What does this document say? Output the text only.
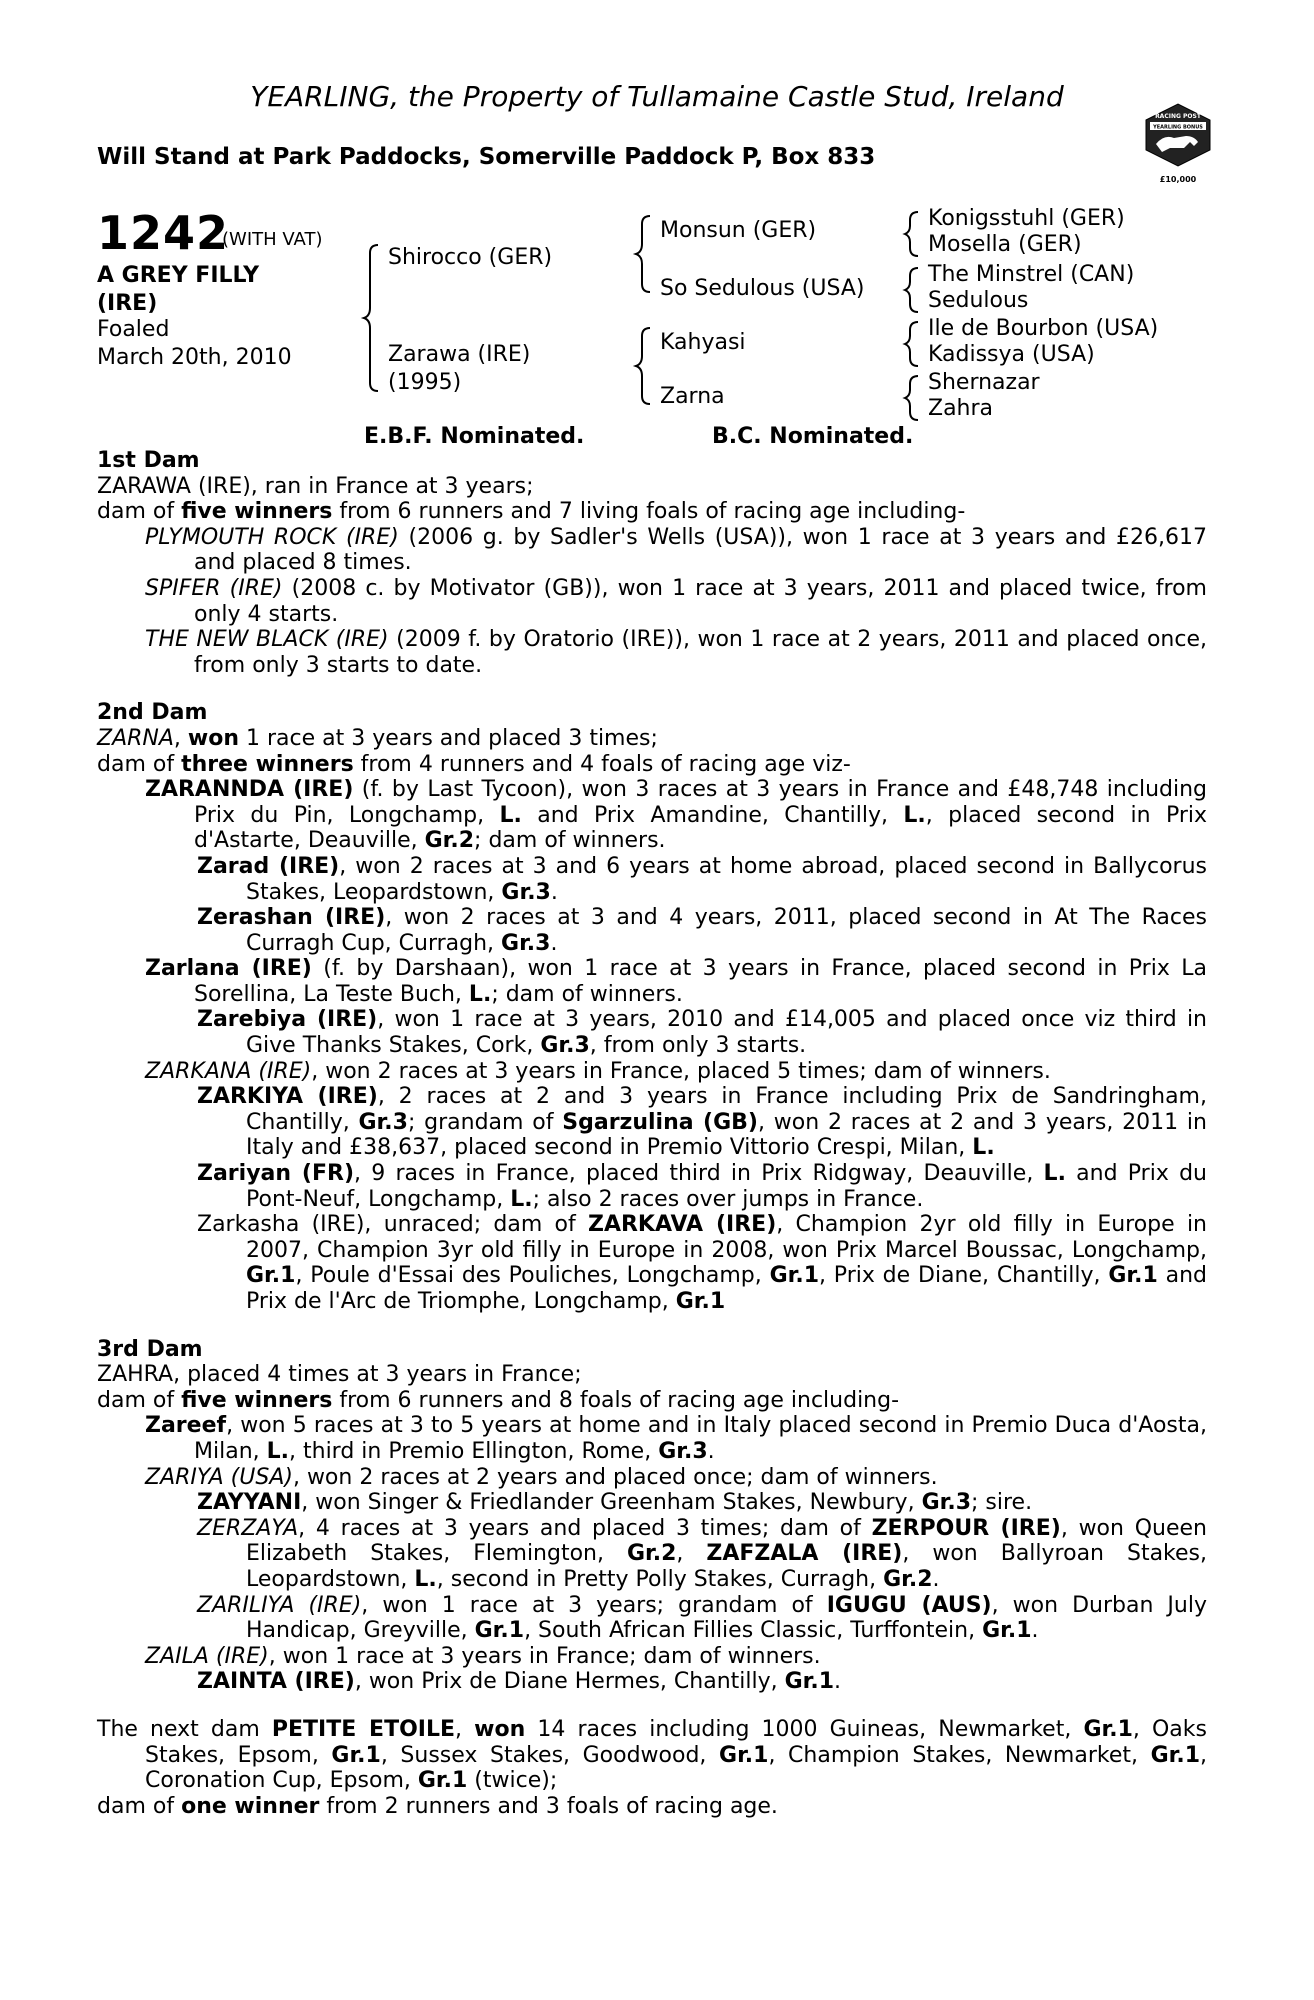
YEARLING, the Property of Tullamaine Castle Stud, Ireland
Will Stand at Park Paddocks, Somerville Paddock P, Box 833
RACING POST
YEARLING BONUS
£10,000
1242
(WITH VAT)
A GREY FILLY
(IRE)
Foaled
March 20th, 2010
Shirocco (GER)
Zarawa (IRE)
(1995)
Monsun (GER)
So Sedulous (USA)
Kahyasi
Zarna
Konigsstuhl (GER)
Mosella (GER)
The Minstrel (CAN)
Sedulous
Ile de Bourbon (USA)
Kadissya (USA)
Shernazar
Zahra
E.B.F. Nominated.	B.C. Nominated.

1st Dam

ZARAWA (IRE), ran in France at 3 years;

dam of five winners from 6 runners and 7 living foals of racing age including-

PLYMOUTH ROCK (IRE) (2006 g. by Sadler's Wells (USA)), won 1 race at 3 years and £26,617 and placed 8 times.

SPIFER (IRE) (2008 c. by Motivator (GB)), won 1 race at 3 years, 2011 and placed twice, from only 4 starts.

THE NEW BLACK (IRE) (2009 f. by Oratorio (IRE)), won 1 race at 2 years, 2011 and placed once, from only 3 starts to date.

2nd Dam

ZARNA, won 1 race at 3 years and placed 3 times;

dam of three winners from 4 runners and 4 foals of racing age viz-

ZARANNDA (IRE) (f. by Last Tycoon), won 3 races at 3 years in France and £48,748 including Prix du Pin, Longchamp, L. and Prix Amandine, Chantilly, L., placed second in Prix d'Astarte, Deauville, Gr.2; dam of winners.

Zarad (IRE), won 2 races at 3 and 6 years at home abroad, placed second in Ballycorus Stakes, Leopardstown, Gr.3.

Zerashan (IRE), won 2 races at 3 and 4 years, 2011, placed second in At The Races Curragh Cup, Curragh, Gr.3.

Zarlana (IRE) (f. by Darshaan), won 1 race at 3 years in France, placed second in Prix La Sorellina, La Teste Buch, L.; dam of winners.

Zarebiya (IRE), won 1 race at 3 years, 2010 and £14,005 and placed once viz third in Give Thanks Stakes, Cork, Gr.3, from only 3 starts.

ZARKANA (IRE), won 2 races at 3 years in France, placed 5 times; dam of winners.

ZARKIYA (IRE), 2 races at 2 and 3 years in France including Prix de Sandringham, Chantilly, Gr.3; grandam of Sgarzulina (GB), won 2 races at 2 and 3 years, 2011 in Italy and £38,637, placed second in Premio Vittorio Crespi, Milan, L.

Zariyan (FR), 9 races in France, placed third in Prix Ridgway, Deauville, L. and Prix du Pont-Neuf, Longchamp, L.; also 2 races over jumps in France.

Zarkasha (IRE), unraced; dam of ZARKAVA (IRE), Champion 2yr old filly in Europe in 2007, Champion 3yr old filly in Europe in 2008, won Prix Marcel Boussac, Longchamp, Gr.1, Poule d'Essai des Pouliches, Longchamp, Gr.1, Prix de Diane, Chantilly, Gr.1 and Prix de l'Arc de Triomphe, Longchamp, Gr.1

3rd Dam

ZAHRA, placed 4 times at 3 years in France;

dam of five winners from 6 runners and 8 foals of racing age including-

Zareef, won 5 races at 3 to 5 years at home and in Italy placed second in Premio Duca d'Aosta, Milan, L., third in Premio Ellington, Rome, Gr.3.

ZARIYA (USA), won 2 races at 2 years and placed once; dam of winners.

ZAYYANI, won Singer & Friedlander Greenham Stakes, Newbury, Gr.3; sire.

ZERZAYA, 4 races at 3 years and placed 3 times; dam of ZERPOUR (IRE), won Queen Elizabeth Stakes, Flemington, Gr.2, ZAFZALA (IRE), won Ballyroan Stakes, Leopardstown, L., second in Pretty Polly Stakes, Curragh, Gr.2.

ZARILIYA (IRE), won 1 race at 3 years; grandam of IGUGU (AUS), won Durban July Handicap, Greyville, Gr.1, South African Fillies Classic, Turffontein, Gr.1.

ZAILA (IRE), won 1 race at 3 years in France; dam of winners.

ZAINTA (IRE), won Prix de Diane Hermes, Chantilly, Gr.1.

The next dam PETITE ETOILE, won 14 races including 1000 Guineas, Newmarket, Gr.1, Oaks Stakes, Epsom, Gr.1, Sussex Stakes, Goodwood, Gr.1, Champion Stakes, Newmarket, Gr.1, Coronation Cup, Epsom, Gr.1 (twice);

dam of one winner from 2 runners and 3 foals of racing age.
